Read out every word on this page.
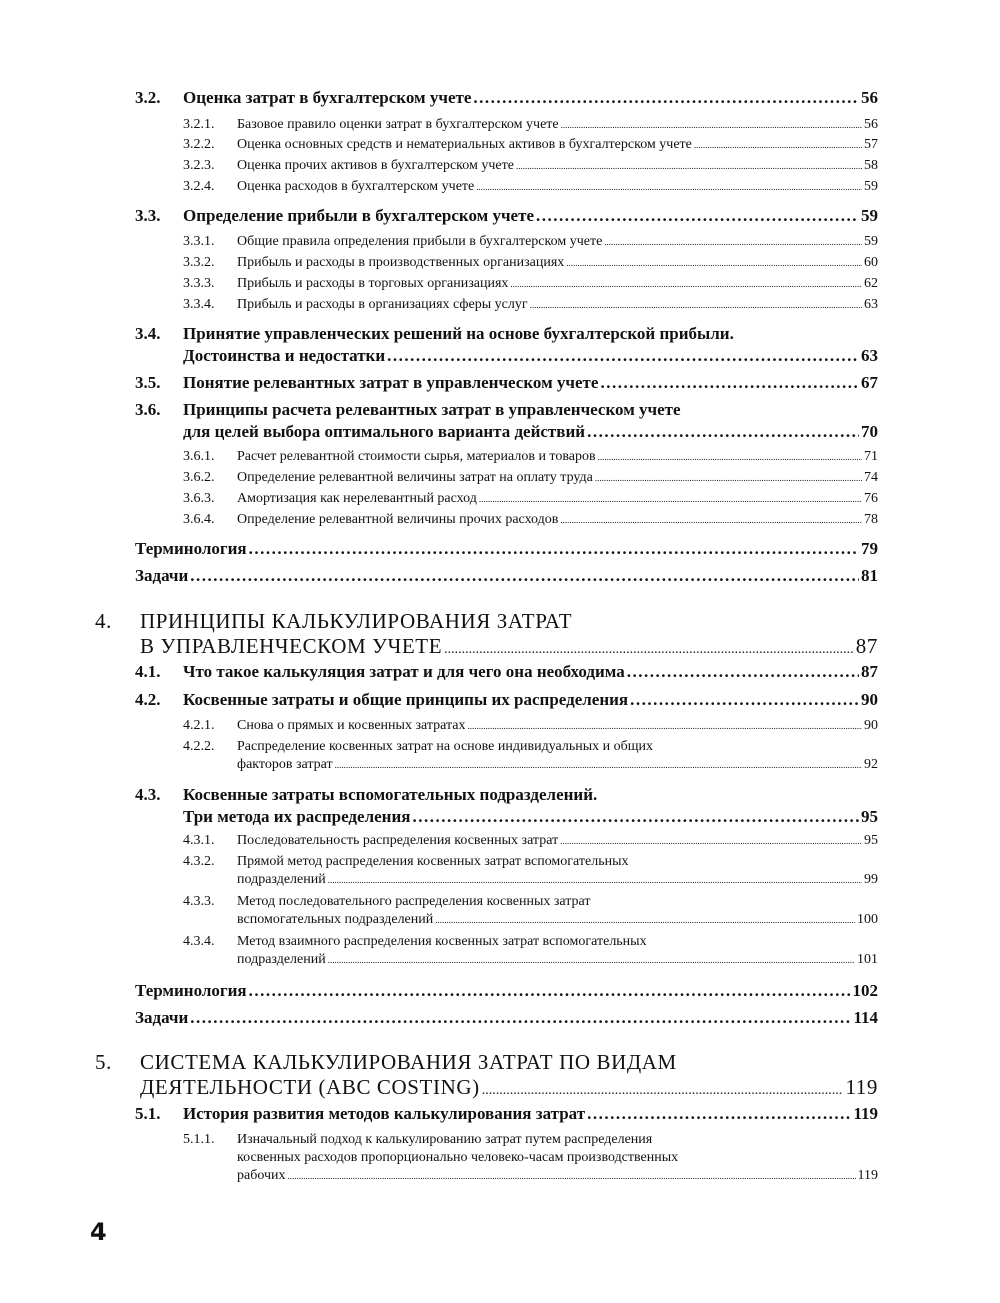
3.2. Оценка затрат в бухгалтерском учете .....	56
3.2.1. Базовое правило оценки затрат в бухгалтерском учете .....	56
3.2.2. Оценка основных средств и нематериальных активов в бухгалтерском учете .....	57
3.2.3. Оценка прочих активов в бухгалтерском учете .....	58
3.2.4. Оценка расходов в бухгалтерском учете .....	59
3.3. Определение прибыли в бухгалтерском учете .....	59
3.3.1. Общие правила определения прибыли в бухгалтерском учете .....	59
3.3.2. Прибыль и расходы в производственных организациях .....	60
3.3.3. Прибыль и расходы в торговых организациях .....	62
3.3.4. Прибыль и расходы в организациях сферы услуг .....	63
3.4. Принятие управленческих решений на основе бухгалтерской прибыли.
Достоинства и недостатки .....	63
3.5. Понятие релевантных затрат в управленческом учете .....	67
3.6. Принципы расчета релевантных затрат в управленческом учете
для целей выбора оптимального варианта действий .....	70
3.6.1. Расчет релевантной стоимости сырья, материалов и товаров .....	71
3.6.2. Определение релевантной величины затрат на оплату труда .....	74
3.6.3. Амортизация как нерелевантный расход .....	76
3.6.4. Определение релевантной величины прочих расходов .....	78
Терминология .....	79
Задачи .....	81
4. ПРИНЦИПЫ КАЛЬКУЛИРОВАНИЯ ЗАТРАТ
В УПРАВЛЕНЧЕСКОМ УЧЕТЕ .....	87
4.1. Что такое калькуляция затрат и для чего она необходима .....	87
4.2. Косвенные затраты и общие принципы их распределения .....	90
4.2.1. Снова о прямых и косвенных затратах .....	90
4.2.2. Распределение косвенных затрат на основе индивидуальных и общих
факторов затрат .....	92
4.3. Косвенные затраты вспомогательных подразделений.
Три метода их распределения .....	95
4.3.1. Последовательность распределения косвенных затрат .....	95
4.3.2. Прямой метод распределения косвенных затрат вспомогательных
подразделений .....	99
4.3.3. Метод последовательного распределения косвенных затрат
вспомогательных подразделений .....	100
4.3.4. Метод взаимного распределения косвенных затрат вспомогательных
подразделений .....	101
Терминология .....	102
Задачи .....	114
5. СИСТЕМА КАЛЬКУЛИРОВАНИЯ ЗАТРАТ ПО ВИДАМ
ДЕЯТЕЛЬНОСТИ (ABC COSTING) .....	119
5.1. История развития методов калькулирования затрат .....	119
5.1.1. Изначальный подход к калькулированию затрат путем распределения
косвенных расходов пропорционально человеко-часам производственных
рабочих .....	119
4
